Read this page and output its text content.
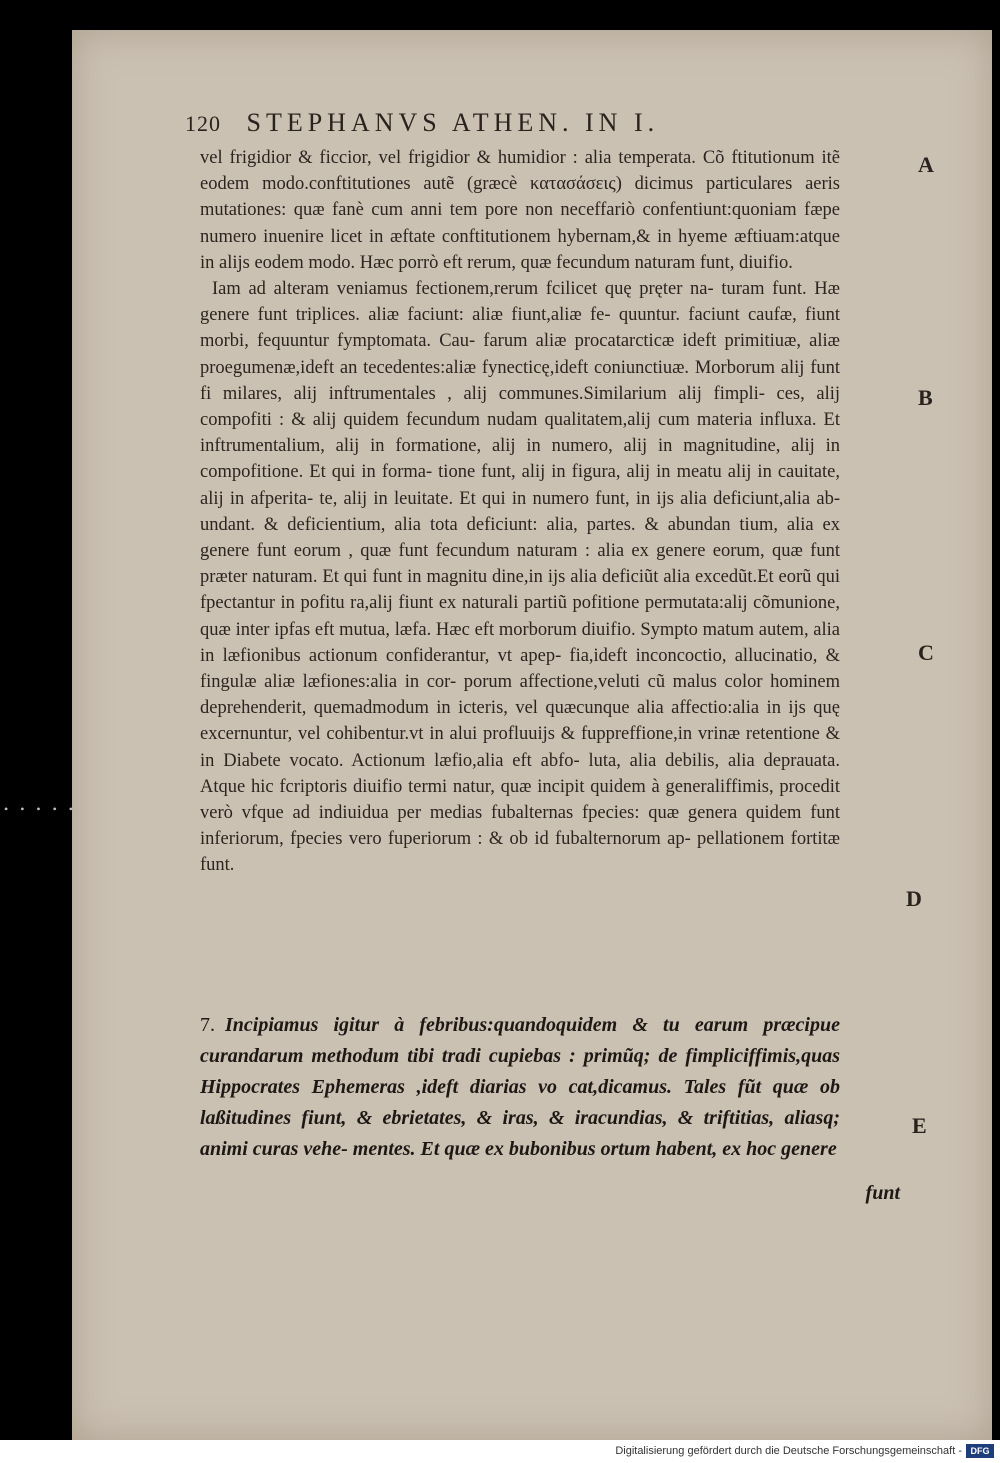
120 STEPHANVS ATHEN. IN I.
A
B
C
D
E

vel frigidior & ficcior, vel frigidior & humidior : alia temperata. Cõ ftitutionum itẽ eodem modo.conftitutiones autẽ (græcè κατασάσεις) dicimus particulares aeris mutationes: quæ fanè cum anni tem pore non neceffariò confentiunt:quoniam fæpe numero inuenire licet in æftate conftitutionem hybernam,& in hyeme æftiuam:atque in alijs eodem modo. Hæc porrò eft rerum, quæ fecundum naturam funt, diuifio.

Iam ad alteram veniamus fectionem,rerum fcilicet quę pręter na- turam funt. Hæ genere funt triplices. aliæ faciunt: aliæ fiunt,aliæ fe- quuntur. faciunt caufæ, fiunt morbi, fequuntur fymptomata. Cau- farum aliæ procatarcticæ ideft primitiuæ, aliæ proegumenæ,ideft an tecedentes:aliæ fynecticę,ideft coniunctiuæ. Morborum alij funt fi milares, alij inftrumentales , alij communes.Similarium alij fimpli- ces, alij compofiti : & alij quidem fecundum nudam qualitatem,alij cum materia influxa. Et inftrumentalium, alij in formatione, alij in numero, alij in magnitudine, alij in compofitione. Et qui in forma- tione funt, alij in figura, alij in meatu alij in cauitate, alij in afperita- te, alij in leuitate. Et qui in numero funt, in ijs alia deficiunt,alia ab- undant. & deficientium, alia tota deficiunt: alia, partes. & abundan tium, alia ex genere funt eorum , quæ funt fecundum naturam : alia ex genere eorum, quæ funt præter naturam. Et qui funt in magnitu dine,in ijs alia deficiũt alia excedũt.Et eorũ qui fpectantur in pofitu ra,alij fiunt ex naturali partiũ pofitione permutata:alij cõmunione, quæ inter ipfas eft mutua, læfa. Hæc eft morborum diuifio. Sympto matum autem, alia in læfionibus actionum confiderantur, vt apep- fia,ideft inconcoctio, allucinatio, & fingulæ aliæ læfiones:alia in cor- porum affectione,veluti cũ malus color hominem deprehenderit, quemadmodum in icteris, vel quæcunque alia affectio:alia in ijs quę excernuntur, vel cohibentur.vt in alui profluuijs & fuppreffione,in vrinæ retentione & in Diabete vocato. Actionum læfio,alia eft abfo- luta, alia debilis, alia deprauata. Atque hic fcriptoris diuifio termi natur, quæ incipit quidem à generaliffimis, procedit verò vfque ad indiuidua per medias fubalternas fpecies: quæ genera quidem funt inferiorum, fpecies vero fuperiorum : & ob id fubalternorum ap- pellationem fortitæ funt.

7. Incipiamus igitur à febribus:quandoquidem & tu earum præcipue curandarum methodum tibi tradi cupiebas : primũq; de fimpliciffimis,quas Hippocrates Ephemeras ,ideft diarias vo cat,dicamus. Tales fũt quæ ob laßitudines fiunt, & ebrietates, & iras, & iracundias, & triftitias, aliasq; animi curas vehe- mentes. Et quæ ex bubonibus ortum habent, ex hoc genere
funt
•••••
Digitalisierung gefördert durch die Deutsche Forschungsgemeinschaft - DFG
